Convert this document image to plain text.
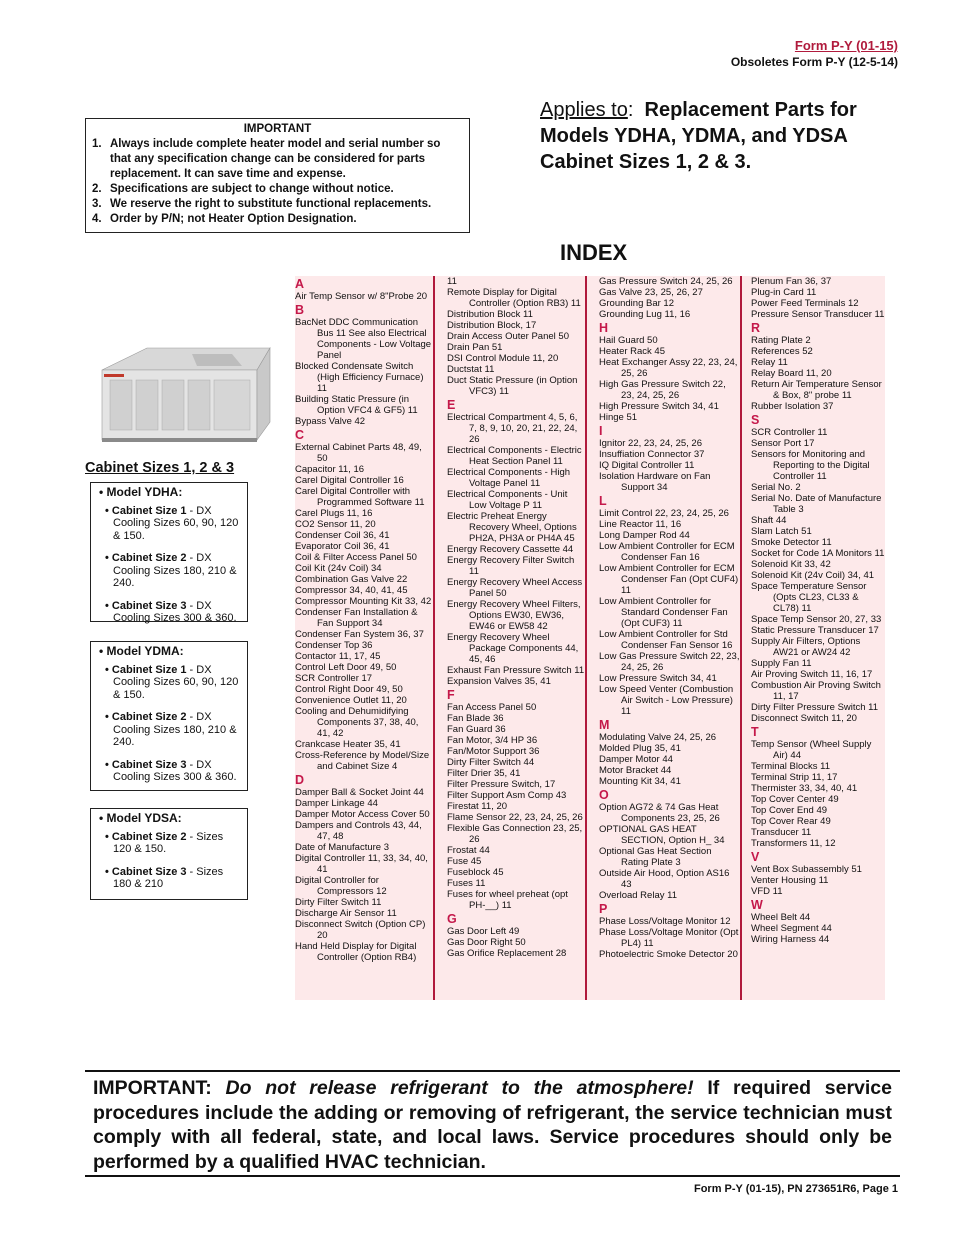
Form P-Y (01-15)
Obsoletes Form P-Y (12-5-14)
IMPORTANT
1. Always include complete heater model and serial number so that any specification change can be considered for parts replacement. It can save time and expense.
2. Specifications are subject to change without notice.
3. We reserve the right to substitute functional replacements.
4. Order by P/N; not Heater Option Designation.
Applies to:  Replacement Parts for
Models YDHA, YDMA, and YDSA
Cabinet Sizes 1, 2 & 3.
INDEX
Cabinet Sizes 1, 2 & 3
• Model YDHA:
• Cabinet Size 1 - DX Cooling Sizes 60, 90, 120 & 150.
• Cabinet Size 2 - DX Cooling Sizes 180, 210 & 240.
• Cabinet Size 3 - DX Cooling Sizes 300 & 360.
• Model YDMA:
• Cabinet Size 1 - DX Cooling Sizes 60, 90, 120 & 150.
• Cabinet Size 2 - DX Cooling Sizes 180, 210 & 240.
• Cabinet Size 3 - DX Cooling Sizes 300 & 360.
• Model YDSA:
• Cabinet Size 2 - Sizes 120 & 150.
• Cabinet Size 3 - Sizes 180 & 210
A
Air Temp Sensor w/ 8"Probe 20
B
BacNet DDC Communication Bus 11 See also Electrical Components - Low Voltage Panel
Blocked Condensate Switch (High Efficiency Furnace) 11
Building Static Pressure (in Option VFC4 & GF5) 11
Bypass Valve 42
C
External Cabinet Parts 48, 49, 50
Capacitor 11, 16
Carel Digital Controller 16
Carel Digital Controller with Programmed Software 11
Carel Plugs 11, 16
CO2 Sensor 11, 20
Condenser Coil 36, 41
Evaporator Coil 36, 41
Coil & Filter Access Panel 50
Coil Kit (24v Coil) 34
Combination Gas Valve 22
Compressor 34, 40, 41, 45
Compressor Mounting Kit 33, 42
Condenser Fan Installation & Fan Support 34
Condenser Fan System 36, 37
Condenser Top 36
Contactor 11, 17, 45
Control Left Door 49, 50
SCR Controller 17
Control Right Door 49, 50
Convenience Outlet 11, 20
Cooling and Dehumidifying Components 37, 38, 40, 41, 42
Crankcase Heater 35, 41
Cross-Reference by Model/Size and Cabinet Size 4
D
Damper Ball & Socket Joint 44
Damper Linkage 44
Damper Motor Access Cover 50
Dampers and Controls 43, 44, 47, 48
Date of Manufacture 3
Digital Controller 11, 33, 34, 40, 41
Digital Controller for Compressors 12
Dirty Filter Switch 11
Discharge Air Sensor 11
Disconnect Switch (Option CP) 20
Hand Held Display for Digital Controller (Option RB4)
11
Remote Display for Digital Controller (Option RB3) 11
Distribution Block 11
Distribution Block, 17
Drain Access Outer Panel 50
Drain Pan 51
DSI Control Module 11, 20
Ductstat 11
Duct Static Pressure (in Option VFC3) 11
E
Electrical Compartment 4, 5, 6, 7, 8, 9, 10, 20, 21, 22, 24, 26
Electrical Components - Electric Heat Section Panel 11
Electrical Components - High Voltage Panel 11
Electrical Components - Unit Low Voltage P 11
Electric Preheat Energy Recovery Wheel, Options PH2A, PH3A or PH4A 45
Energy Recovery Cassette 44
Energy Recovery Filter Switch 11
Energy Recovery Wheel Access Panel 50
Energy Recovery Wheel Filters, Options EW30, EW36, EW46 or EW58 42
Energy Recovery Wheel Package Components 44, 45, 46
Exhaust Fan Pressure Switch 11
Expansion Valves 35, 41
F
Fan Access Panel 50
Fan Blade 36
Fan Guard 36
Fan Motor, 3/4 HP 36
Fan/Motor Support 36
Dirty Filter Switch 44
Filter Drier 35, 41
Filter Pressure Switch, 17
Filter Support Asm Comp 43
Firestat 11, 20
Flame Sensor 22, 23, 24, 25, 26
Flexible Gas Connection 23, 25, 26
Frostat 44
Fuse 45
Fuseblock 45
Fuses 11
Fuses for wheel preheat (opt PH-__) 11
G
Gas Door Left 49
Gas Door Right 50
Gas Orifice Replacement 28
Gas Pressure Switch 24, 25, 26
Gas Valve 23, 25, 26, 27
Grounding Bar 12
Grounding Lug 11, 16
H
Hail Guard 50
Heater Rack 45
Heat Exchanger Assy 22, 23, 24, 25, 26
High Gas Pressure Switch 22, 23, 24, 25, 26
High Pressure Switch 34, 41
Hinge 51
I
Ignitor 22, 23, 24, 25, 26
Insuffiation Connector 37
IQ Digital Controller 11
Isolation Hardware on Fan Support 34
L
Limit Control 22, 23, 24, 25, 26
Line Reactor 11, 16
Long Damper Rod 44
Low Ambient Controller for ECM Condenser Fan 16
Low Ambient Controller for ECM Condenser Fan (Opt CUF4) 11
Low Ambient Controller for Standard Condenser Fan (Opt CUF3) 11
Low Ambient Controller for Std Condenser Fan Sensor 16
Low Gas Pressure Switch 22, 23, 24, 25, 26
Low Pressure Switch 34, 41
Low Speed Venter (Combustion Air Switch - Low Pressure) 11
M
Modulating Valve 24, 25, 26
Molded Plug 35, 41
Damper Motor 44
Motor Bracket 44
Mounting Kit 34, 41
O
Option AG72 & 74 Gas Heat Components 23, 25, 26
OPTIONAL GAS HEAT SECTION, Option H_ 34
Optional Gas Heat Section Rating Plate 3
Outside Air Hood, Option AS16 43
Overload Relay 11
P
Phase Loss/Voltage Monitor 12
Phase Loss/Voltage Monitor (Opt PL4) 11
Photoelectric Smoke Detector 20
Plenum Fan 36, 37
Plug-in Card 11
Power Feed Terminals 12
Pressure Sensor Transducer 11
R
Rating Plate 2
References 52
Relay 11
Relay Board 11, 20
Return Air Temperature Sensor & Box, 8" probe 11
Rubber Isolation 37
S
SCR Controller 11
Sensor Port 17
Sensors for Monitoring and Reporting to the Digital Controller 11
Serial No. 2
Serial No. Date of Manufacture Table 3
Shaft 44
Slam Latch 51
Smoke Detector 11
Socket for Code 1A Monitors 11
Solenoid Kit 33, 42
Solenoid Kit (24v Coil) 34, 41
Space Temperature Sensor (Opts CL23, CL33 & CL78) 11
Space Temp Sensor 20, 27, 33
Static Pressure Transducer 17
Supply Air Filters, Options AW21 or AW24 42
Supply Fan 11
Air Proving Switch 11, 16, 17
Combustion Air Proving Switch 11, 17
Dirty Filter Pressure Switch 11
Disconnect Switch 11, 20
T
Temp Sensor (Wheel Supply Air) 44
Terminal Blocks 11
Terminal Strip 11, 17
Thermister 33, 34, 40, 41
Top Cover Center 49
Top Cover End 49
Top Cover Rear 49
Transducer 11
Transformers 11, 12
V
Vent Box Subassembly 51
Venter Housing 11
VFD 11
W
Wheel Belt 44
Wheel Segment 44
Wiring Harness 44
IMPORTANT: Do not release refrigerant to the atmosphere! If required service procedures include the adding or removing of refrigerant, the service technician must comply with all federal, state, and local laws. Service procedures should only be performed by a qualified HVAC technician.
Form P-Y (01-15), PN 273651R6, Page 1
